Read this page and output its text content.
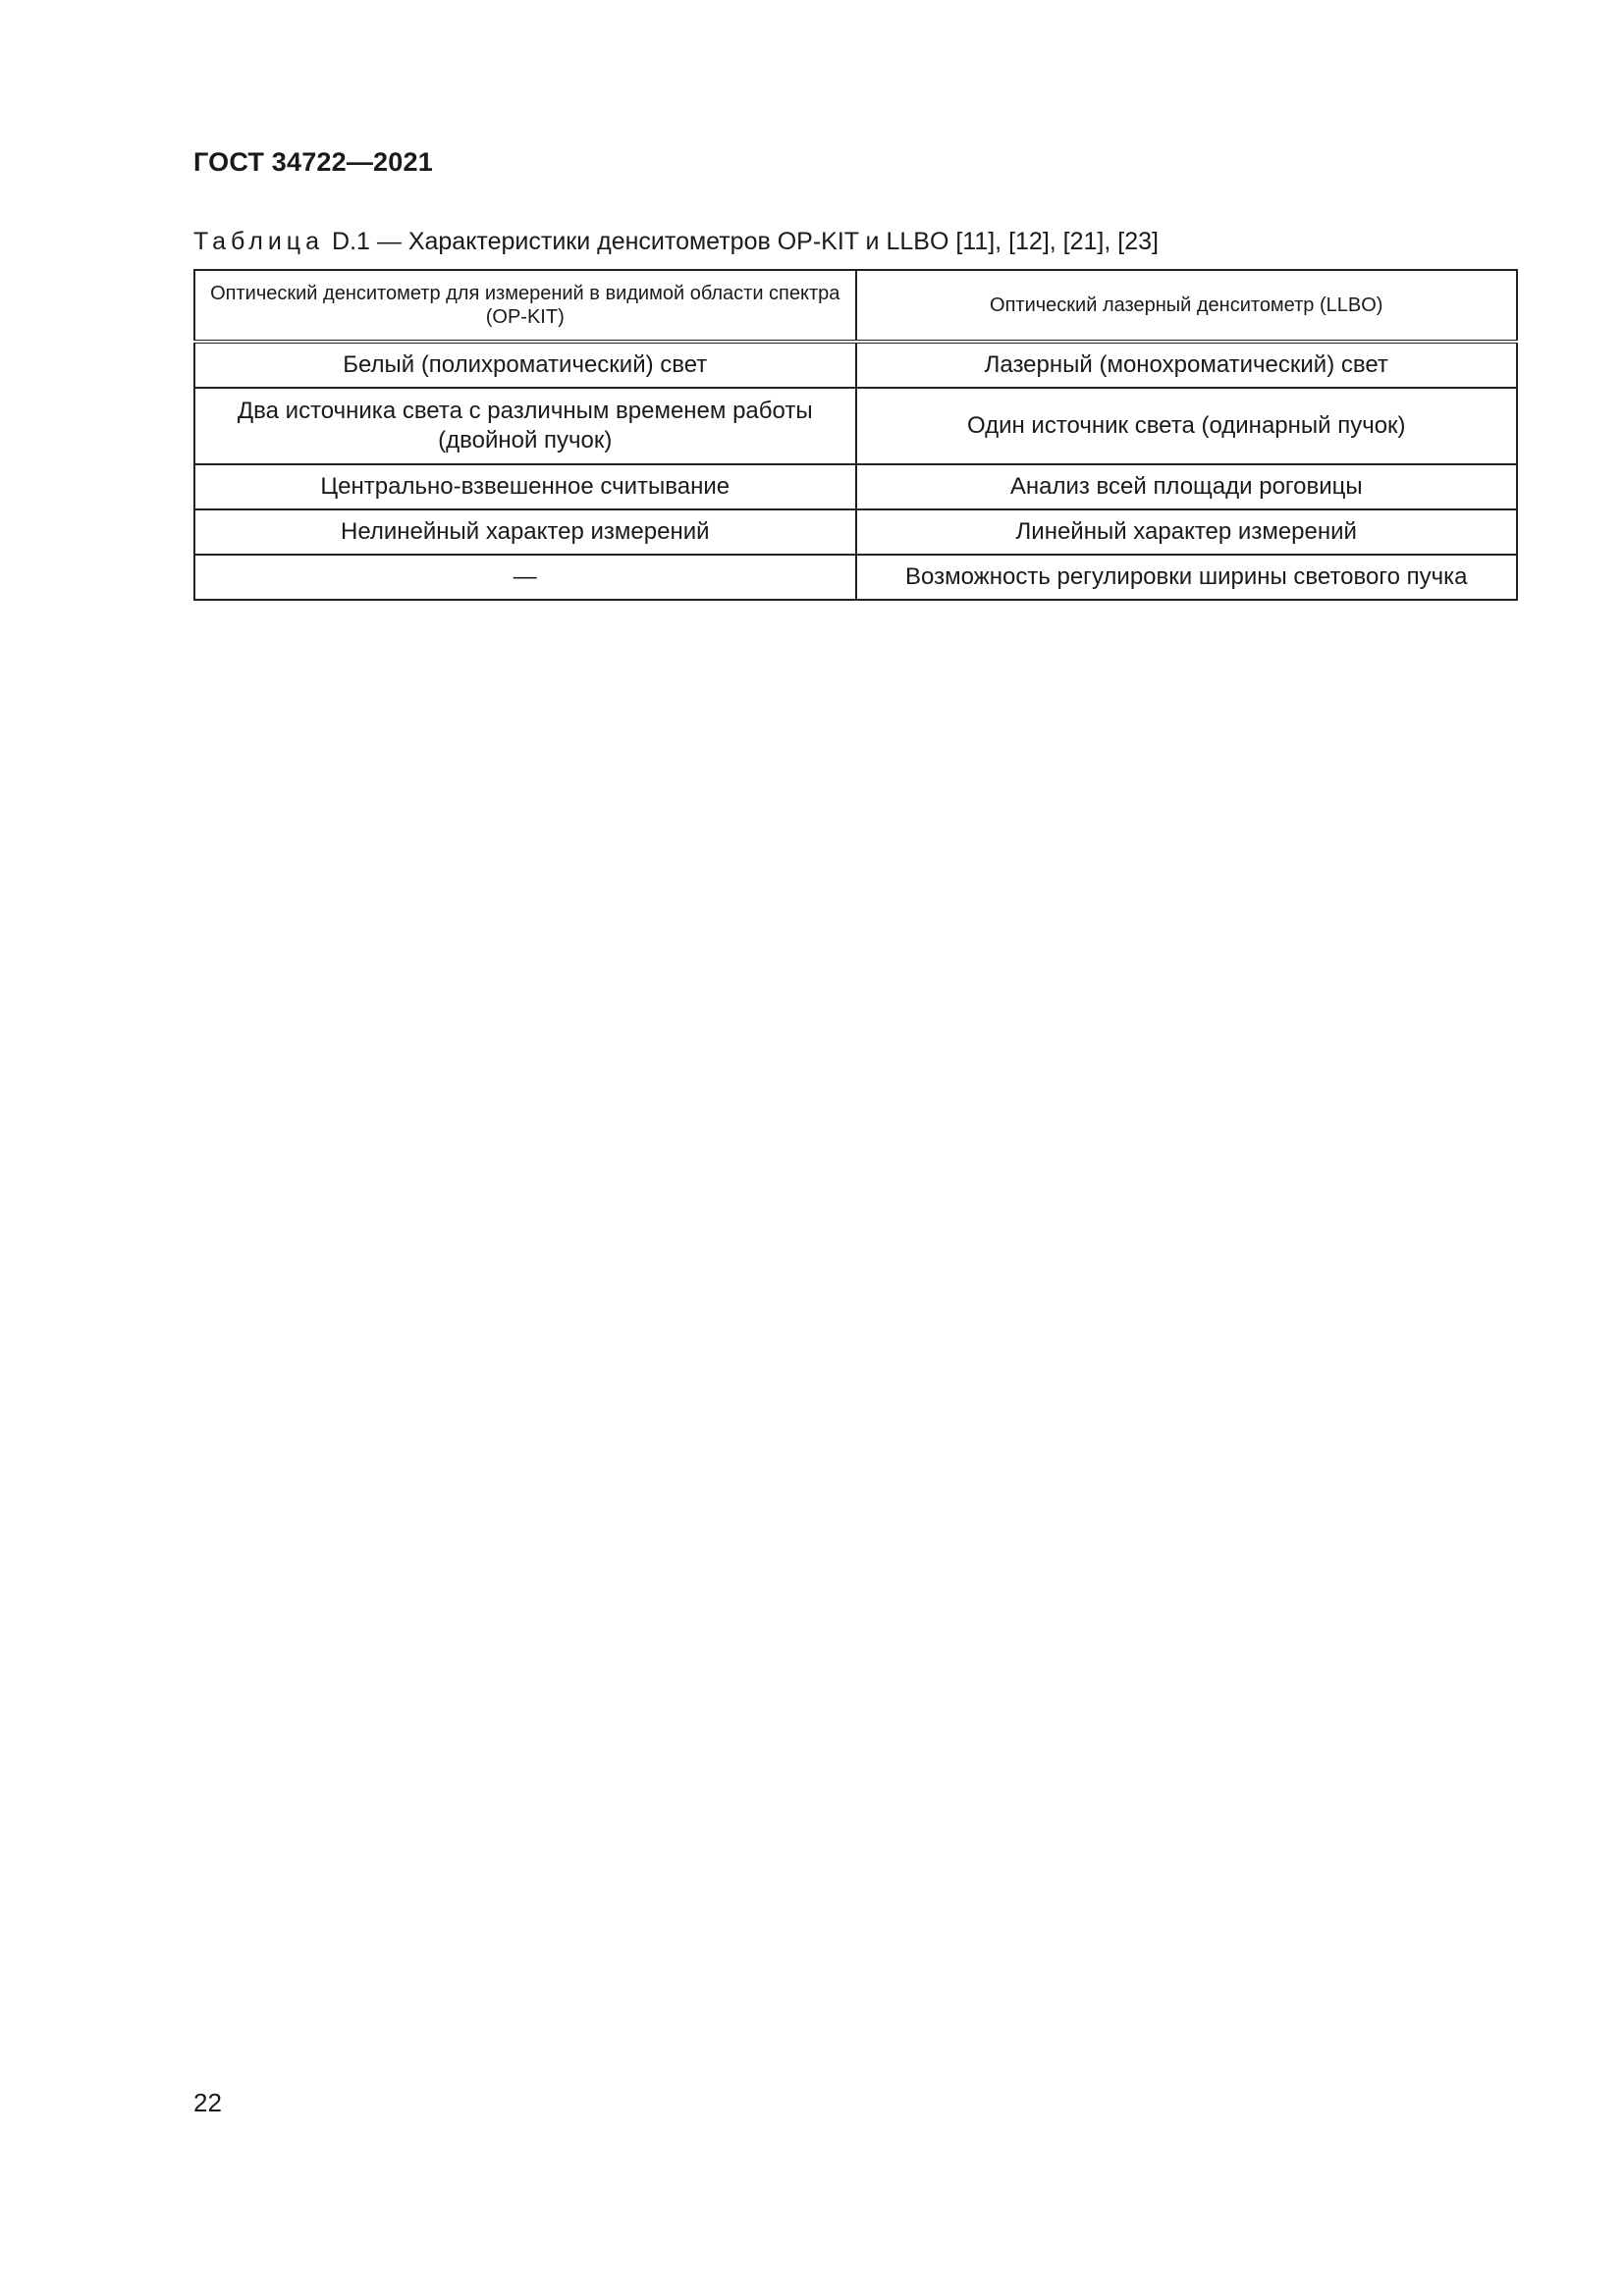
ГОСТ 34722—2021
Таблица D.1 — Характеристики денситометров OP-KIT и LLBO [11], [12], [21], [23]
Оптический денситометр для измерений в видимой области спектра (OP-KIT)	Оптический лазерный денситометр (LLBO)
Белый (полихроматический) свет	Лазерный (монохроматический) свет
Два источника света с различным временем работы (двойной пучок)	Один источник света (одинарный пучок)
Центрально-взвешенное считывание	Анализ всей площади роговицы
Нелинейный характер измерений	Линейный характер измерений
—	Возможность регулировки ширины светового пучка
22
